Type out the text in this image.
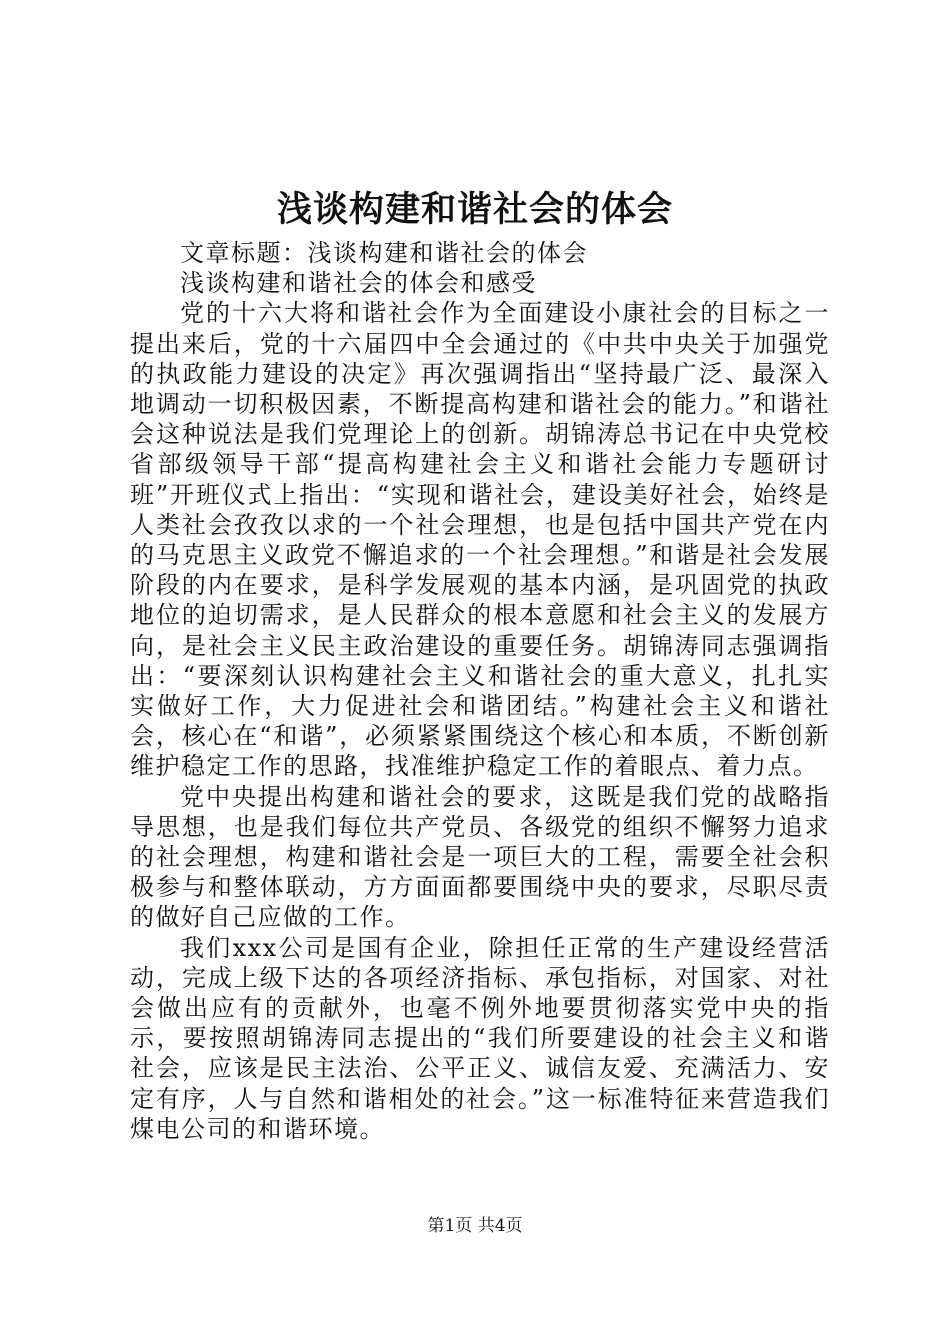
浅谈构建和谐社会的体会

文章标题：浅谈构建和谐社会的体会

浅谈构建和谐社会的体会和感受

党的十六大将和谐社会作为全面建设小康社会的目标之一提出来后，党的十六届四中全会通过的《中共中央关于加强党的执政能力建设的决定》再次强调指出“坚持最广泛、最深入地调动一切积极因素，不断提高构建和谐社会的能力。”和谐社会这种说法是我们党理论上的创新。胡锦涛总书记在中央党校省部级领导干部“提高构建社会主义和谐社会能力专题研讨班”开班仪式上指出：“实现和谐社会，建设美好社会，始终是人类社会孜孜以求的一个社会理想，也是包括中国共产党在内的马克思主义政党不懈追求的一个社会理想。”和谐是社会发展阶段的内在要求，是科学发展观的基本内涵，是巩固党的执政地位的迫切需求，是人民群众的根本意愿和社会主义的发展方向，是社会主义民主政治建设的重要任务。胡锦涛同志强调指出：“要深刻认识构建社会主义和谐社会的重大意义，扎扎实实做好工作，大力促进社会和谐团结。”构建社会主义和谐社会，核心在“和谐”，必须紧紧围绕这个核心和本质，不断创新维护稳定工作的思路，找准维护稳定工作的着眼点、着力点。

党中央提出构建和谐社会的要求，这既是我们党的战略指导思想，也是我们每位共产党员、各级党的组织不懈努力追求的社会理想，构建和谐社会是一项巨大的工程，需要全社会积极参与和整体联动，方方面面都要围绕中央的要求，尽职尽责的做好自己应做的工作。

我们xxx公司是国有企业，除担任正常的生产建设经营活动，完成上级下达的各项经济指标、承包指标，对国家、对社会做出应有的贡献外，也毫不例外地要贯彻落实党中央的指示，要按照胡锦涛同志提出的“我们所要建设的社会主义和谐社会，应该是民主法治、公平正义、诚信友爱、充满活力、安定有序，人与自然和谐相处的社会。”这一标准特征来营造我们煤电公司的和谐环境。

第1页 共4页
